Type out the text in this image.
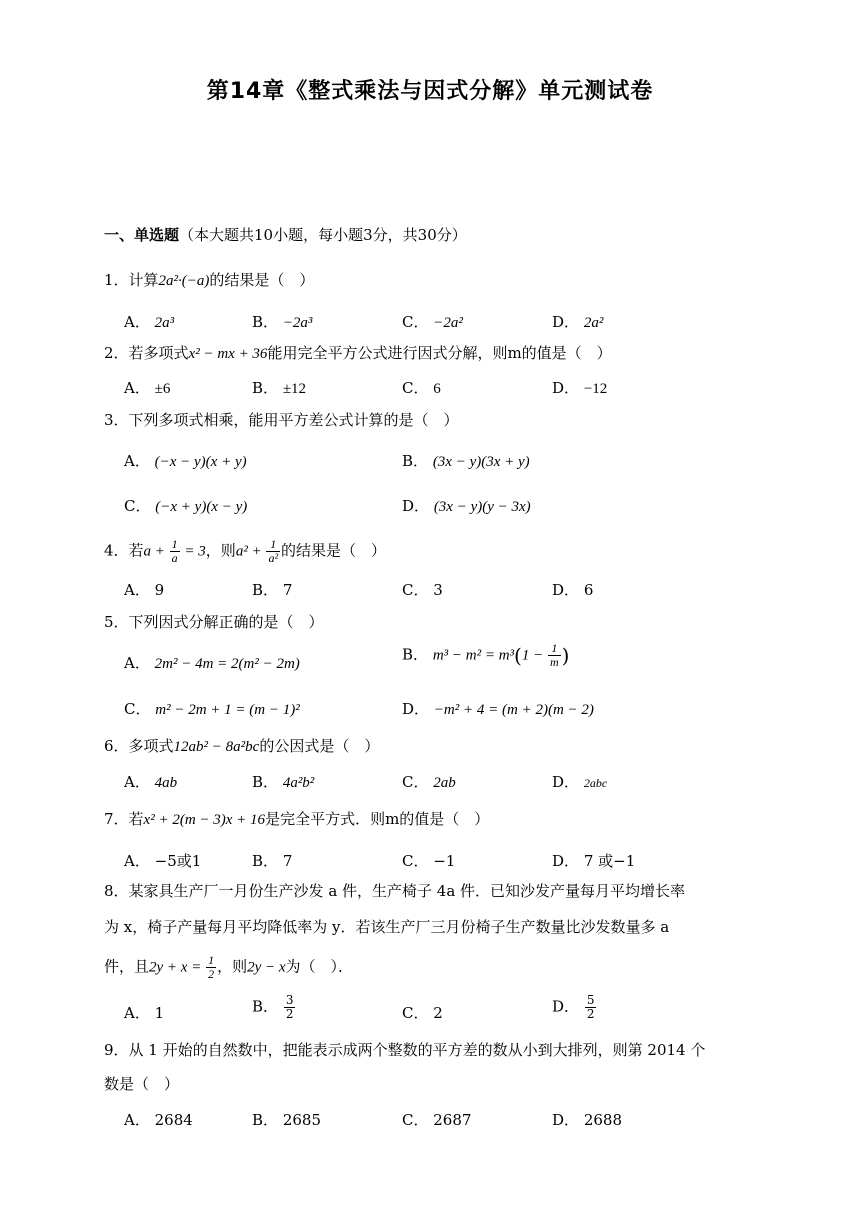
第14章《整式乘法与因式分解》单元测试卷
一、单选题（本大题共10小题，每小题3分，共30分）
1．计算2a²·(−a)的结果是（　）
A． 2a³	B． −2a³	C． −2a²	D． 2a²
2．若多项式x² − mx + 36能用完全平方公式进行因式分解，则m的值是（　）
A． ±6	B． ±12	C． 6	D． −12
3．下列多项式相乘，能用平方差公式计算的是（　）
A． (−x − y)(x + y)	B． (3x − y)(3x + y)
C． (−x + y)(x − y)	D． (3x − y)(y − 3x)
4．若$a + \frac{1}{a} = 3$，则$a^2 + \frac{1}{\text{a²}}$ 的结果是（　）
A． 9	B． 7	C． 3	D． 6
5．下列因式分解正确的是（　）
A． 2m² − 4m = 2(m² − 2m)
B． $m^3 - m^2 = m^3(1 - \frac{1}{m}$ )
C． m² − 2m + 1 = (m − 1)²	D． −m² + 4 = (m + 2)(m − 2)
6．多项式12ab² − 8a²bc的公因式是（　）
A． 4ab	B． 4a²b²	C． 2ab	D． 2abc
7．若x² + 2(m − 3)x + 16是完全平方式．则m的值是（　）
A． −5或1	B． 7	C． −1	D． 7 或−1
8．某家具生产厂一月份生产沙发 a 件，生产椅子 4a 件．已知沙发产量每月平均增长率
为 x，椅子产量每月平均降低率为 y．若该生产厂三月份椅子生产数量比沙发数量多 a
件，且$2y + x = \frac{1}{2}$ ，则2y − x为（　）．
A． 1	B． $\frac{3}{2}$	C． 2	D． $\frac{5}{2}$
9．从 1 开始的自然数中，把能表示成两个整数的平方差的数从小到大排列，则第 2014 个
数是（　）
A． 2684	B． 2685	C． 2687	D． 2688
